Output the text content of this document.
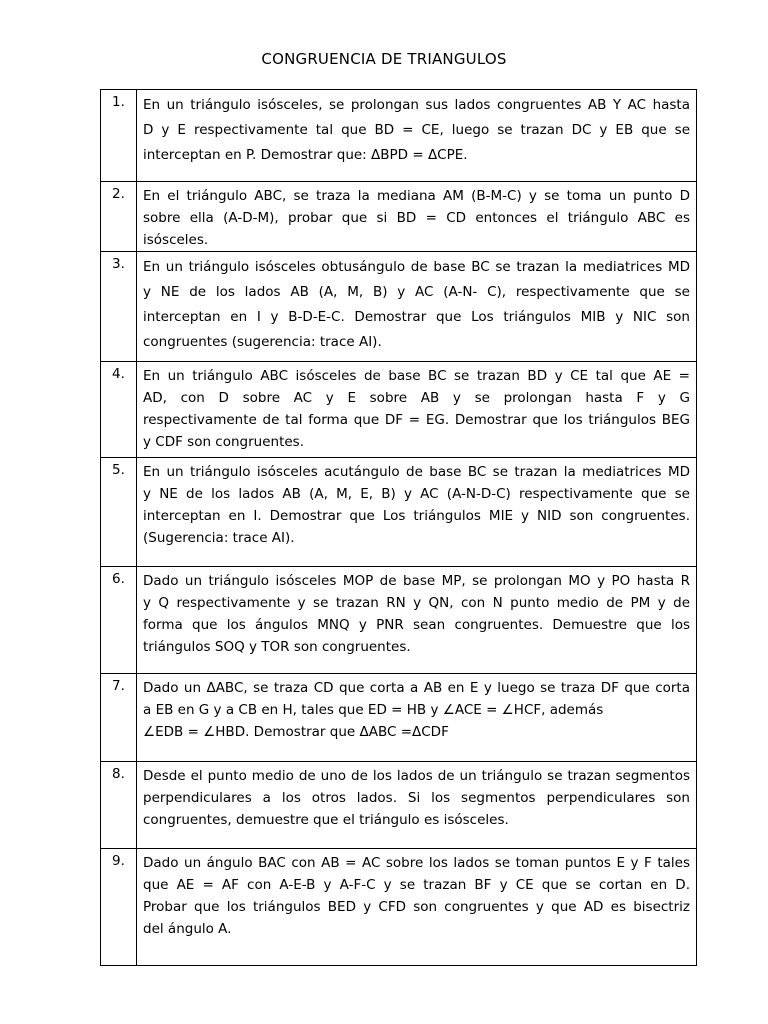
CONGRUENCIA DE TRIANGULOS
1.	En un triángulo isósceles, se prolongan sus lados congruentes AB Y AC hasta
D y E respectivamente tal que BD = CE, luego se trazan DC y EB que se
interceptan en P. Demostrar que: ΔBPD = ΔCPE.

2.	En el triángulo ABC, se traza la mediana AM (B-M-C) y se toma un punto D
sobre ella (A-D-M), probar que si BD = CD entonces el triángulo ABC es
isósceles.

3.	En un triángulo isósceles obtusángulo de base BC se trazan la mediatrices MD
y NE de los lados AB (A, M, B) y AC (A-N- C), respectivamente que se
interceptan en I y B-D-E-C. Demostrar que Los triángulos MIB y NIC son
congruentes (sugerencia: trace AI).

4.	En un triángulo ABC isósceles de base BC se trazan BD y CE tal que AE =
AD, con D sobre AC y E sobre AB y se prolongan hasta F y G
respectivamente de tal forma que DF = EG. Demostrar que los triángulos BEG
y CDF son congruentes.

5.	En un triángulo isósceles acutángulo de base BC se trazan la mediatrices MD
y NE de los lados AB (A, M, E, B) y AC (A-N-D-C) respectivamente que se
interceptan en I. Demostrar que Los triángulos MIE y NID son congruentes.
(Sugerencia: trace AI).

6.	Dado un triángulo isósceles MOP de base MP, se prolongan MO y PO hasta R
y Q respectivamente y se trazan RN y QN, con N punto medio de PM y de
forma que los ángulos MNQ y PNR sean congruentes. Demuestre que los
triángulos SOQ y TOR son congruentes.

7.	Dado un ΔABC, se traza CD que corta a AB en E y luego se traza DF que corta
a EB en G y a CB en H, tales que ED = HB y ∠ACE = ∠HCF, además
∠EDB = ∠HBD. Demostrar que ΔABC =ΔCDF

8.	Desde el punto medio de uno de los lados de un triángulo se trazan segmentos
perpendiculares a los otros lados. Si los segmentos perpendiculares son
congruentes, demuestre que el triángulo es isósceles.

9.	Dado un ángulo BAC con AB = AC sobre los lados se toman puntos E y F tales
que AE = AF con A-E-B y A-F-C y se trazan BF y CE que se cortan en D.
Probar que los triángulos BED y CFD son congruentes y que AD es bisectriz
del ángulo A.
